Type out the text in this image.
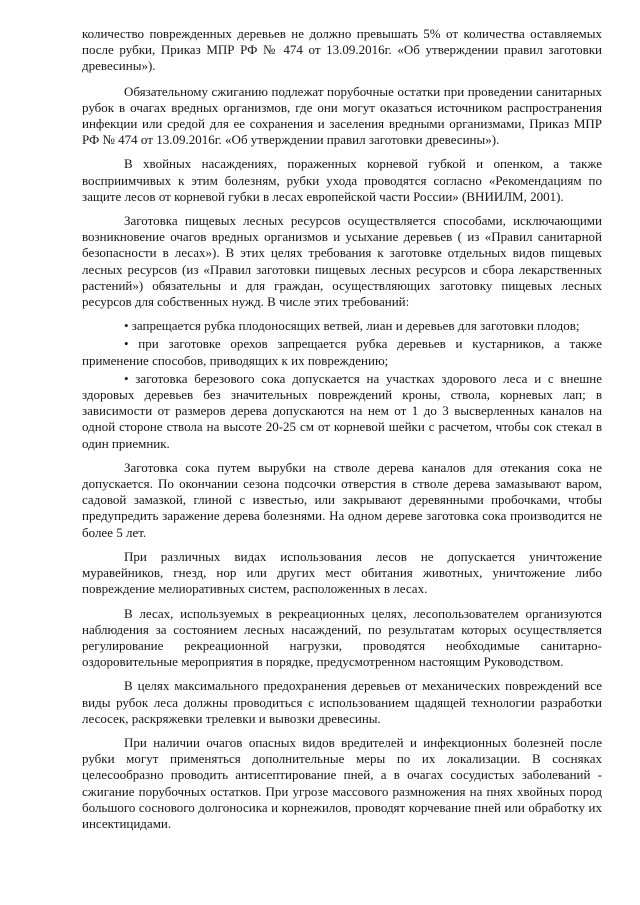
количество поврежденных деревьев не должно превышать 5% от количества оставляемых после рубки, Приказ МПР РФ № 474 от 13.09.2016г. «Об утверждении правил заготовки древесины»).

Обязательному сжиганию подлежат порубочные остатки при проведении санитарных рубок в очагах вредных организмов, где они могут оказаться источником распространения инфекции или средой для ее сохранения и заселения вредными организмами, Приказ МПР РФ № 474 от 13.09.2016г. «Об утверждении правил заготовки древесины»).

В хвойных насаждениях, пораженных корневой губкой и опенком, а также восприимчивых к этим болезням, рубки ухода проводятся согласно «Рекомендациям по защите лесов от корневой губки в лесах европейской части России» (ВНИИЛМ, 2001).

Заготовка пищевых лесных ресурсов осуществляется способами, исключающими возникновение очагов вредных организмов и усыхание деревьев ( из «Правил санитарной безопасности в лесах»). В этих целях требования к заготовке отдельных видов пищевых лесных ресурсов (из «Правил заготовки пищевых лесных ресурсов и сбора лекарственных растений») обязательны и для граждан, осуществляющих заготовку пищевых лесных ресурсов для собственных нужд. В числе этих требований:

• запрещается рубка плодоносящих ветвей, лиан и деревьев для заготовки плодов;

• при заготовке орехов запрещается рубка деревьев и кустарников, а также применение способов, приводящих к их повреждению;

• заготовка березового сока допускается на участках здорового леса и с внешне здоровых деревьев без значительных повреждений кроны, ствола, корневых лап; в зависимости от размеров дерева допускаются на нем от 1 до 3 высверленных каналов на одной стороне ствола на высоте 20-25 см от корневой шейки с расчетом, чтобы сок стекал в один приемник.

Заготовка сока путем вырубки на стволе дерева каналов для отекания сока не допускается. По окончании сезона подсочки отверстия в стволе дерева замазывают варом, садовой замазкой, глиной с известью, или закрывают деревянными пробочками, чтобы предупредить заражение дерева болезнями. На одном дереве заготовка сока производится не более 5 лет.

При различных видах использования лесов не допускается уничтожение муравейников, гнезд, нор или других мест обитания животных, уничтожение либо повреждение мелиоративных систем, расположенных в лесах.

В лесах, используемых в рекреационных целях, лесопользователем организуются наблюдения за состоянием лесных насаждений, по результатам которых осуществляется регулирование рекреационной нагрузки, проводятся необходимые санитарно-оздоровительные мероприятия в порядке, предусмотренном настоящим Руководством.

В целях максимального предохранения деревьев от механических повреждений все виды рубок леса должны проводиться с использованием щадящей технологии разработки лесосек, раскряжевки трелевки и вывозки древесины.

При наличии очагов опасных видов вредителей и инфекционных болезней после рубки могут применяться дополнительные меры по их локализации. В сосняках целесообразно проводить антисептирование пней, а в очагах сосудистых заболеваний - сжигание порубочных остатков. При угрозе массового размножения на пнях хвойных пород большого соснового долгоносика и корнежилов, проводят корчевание пней или обработку их инсектицидами.
